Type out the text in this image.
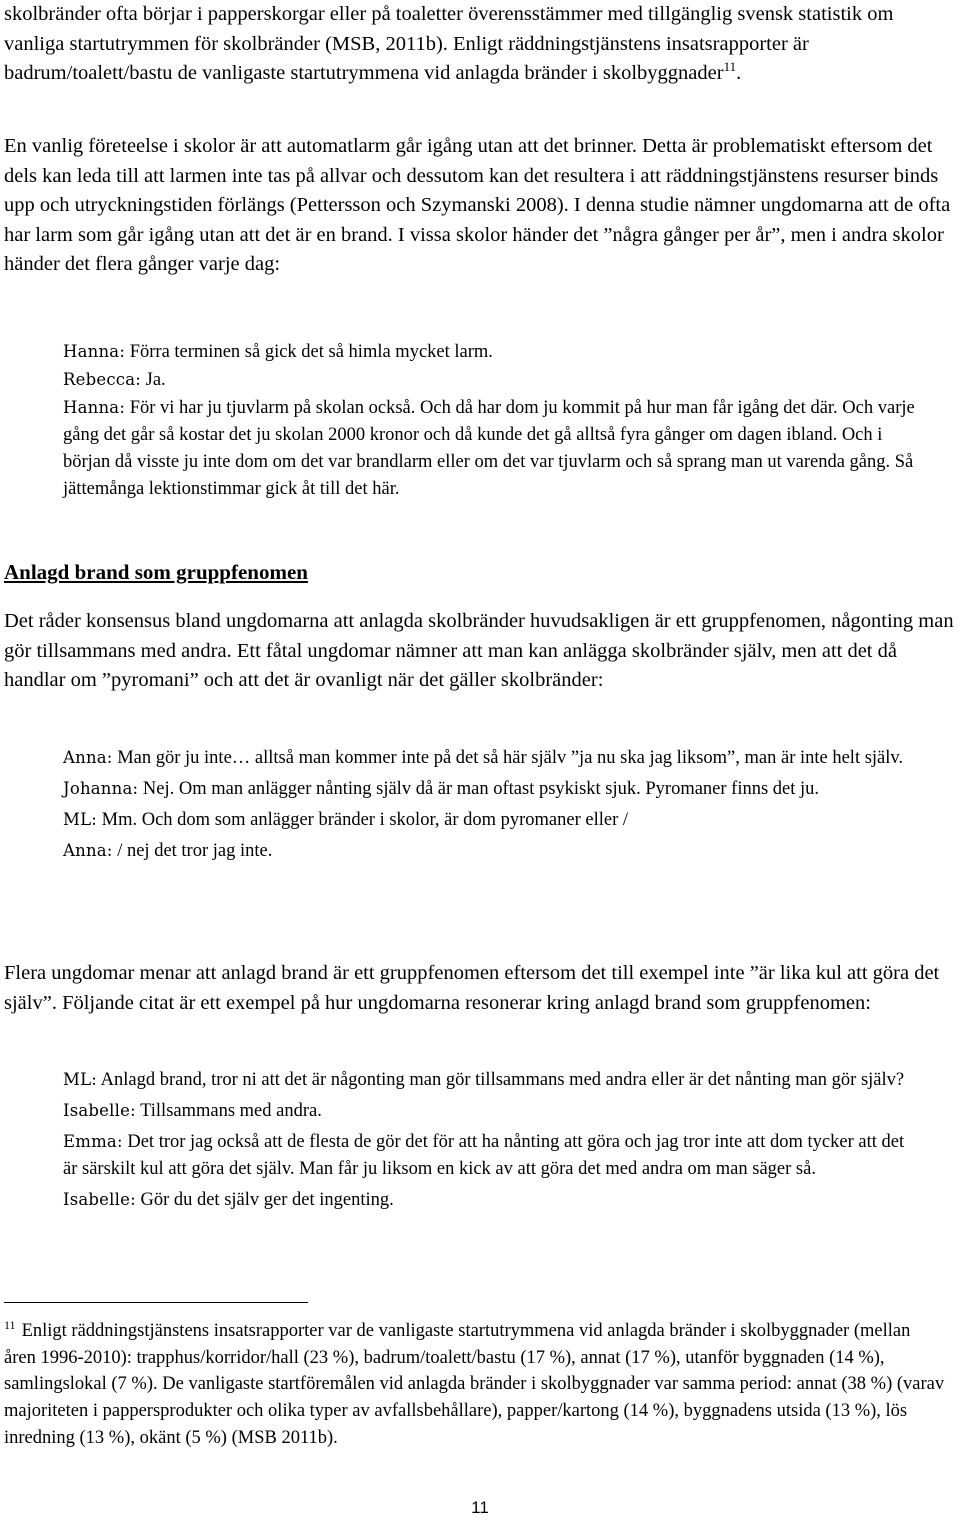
skolbränder ofta börjar i papperskorgar eller på toaletter överensstämmer med tillgänglig svensk statistik om vanliga startutrymmen för skolbränder (MSB, 2011b). Enligt räddningstjänstens insatsrapporter är badrum/toalett/bastu de vanligaste startutrymmena vid anlagda bränder i skolbyggnader$^{11}$.

En vanlig företeelse i skolor är att automatlarm går igång utan att det brinner. Detta är problematiskt eftersom det dels kan leda till att larmen inte tas på allvar och dessutom kan det resultera i att räddningstjänstens resurser binds upp och utryckningstiden förlängs (Pettersson och Szymanski 2008). I denna studie nämner ungdomarna att de ofta har larm som går igång utan att det är en brand. I vissa skolor händer det ”några gånger per år”, men i andra skolor händer det flera gånger varje dag:

Hanna: Förra terminen så gick det så himla mycket larm.

Rebecca: Ja.

Hanna: För vi har ju tjuvlarm på skolan också. Och då har dom ju kommit på hur man får igång det där. Och varje gång det går så kostar det ju skolan 2000 kronor och då kunde det gå alltså fyra gånger om dagen ibland. Och i början då visste ju inte dom om det var brandlarm eller om det var tjuvlarm och så sprang man ut varenda gång. Så jättemånga lektionstimmar gick åt till det här.

Anlagd brand som gruppfenomen

Det råder konsensus bland ungdomarna att anlagda skolbränder huvudsakligen är ett gruppfenomen, någonting man gör tillsammans med andra. Ett fåtal ungdomar nämner att man kan anlägga skolbränder själv, men att det då handlar om ”pyromani” och att det är ovanligt när det gäller skolbränder:

Anna: Man gör ju inte… alltså man kommer inte på det så här själv ”ja nu ska jag liksom”, man är inte helt själv.

Johanna: Nej. Om man anlägger nånting själv då är man oftast psykiskt sjuk. Pyromaner finns det ju.

ML: Mm. Och dom som anlägger bränder i skolor, är dom pyromaner eller /

Anna: / nej det tror jag inte.

Flera ungdomar menar att anlagd brand är ett gruppfenomen eftersom det till exempel inte ”är lika kul att göra det själv”. Följande citat är ett exempel på hur ungdomarna resonerar kring anlagd brand som gruppfenomen:

ML: Anlagd brand, tror ni att det är någonting man gör tillsammans med andra eller är det nånting man gör själv?

Isabelle: Tillsammans med andra.

Emma: Det tror jag också att de flesta de gör det för att ha nånting att göra och jag tror inte att dom tycker att det är särskilt kul att göra det själv. Man får ju liksom en kick av att göra det med andra om man säger så.

Isabelle: Gör du det själv ger det ingenting.

$^{11}$ Enligt räddningstjänstens insatsrapporter var de vanligaste startutrymmena vid anlagda bränder i skolbyggnader (mellan åren 1996-2010): trapphus/korridor/hall (23 %), badrum/toalett/bastu (17 %), annat (17 %), utanför byggnaden (14 %), samlingslokal (7 %). De vanligaste startföremålen vid anlagda bränder i skolbyggnader var samma period: annat (38 %) (varav majoriteten i pappersprodukter och olika typer av avfallsbehållare), papper/kartong (14 %), byggnadens utsida (13 %), lös inredning (13 %), okänt (5 %) (MSB 2011b).

11
